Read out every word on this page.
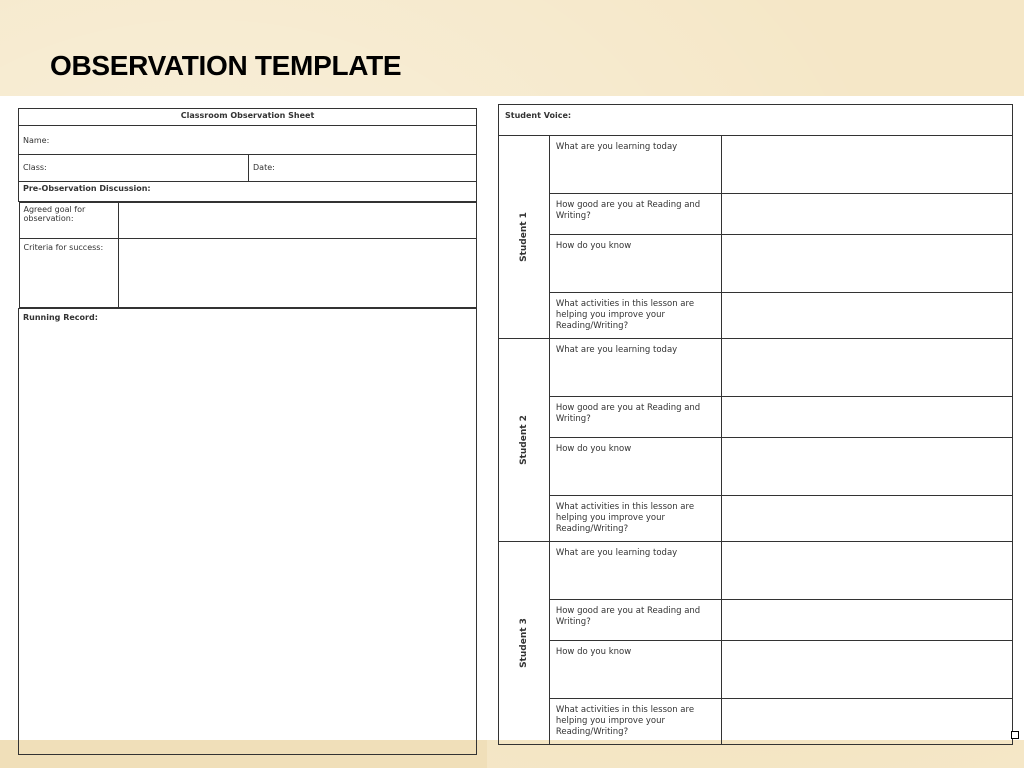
OBSERVATION TEMPLATE
Classroom Observation Sheet
Name:
Class:	Date:
Pre-Observation Discussion:

Agreed goal for observation:	
Criteria for success:	

Running Record:
Student Voice:		
Student 1	What are you learning today	
	How good are you at Reading and Writing?	
	How do you know	
	What activities in this lesson are helping you improve your Reading/Writing?	
Student 2	What are you learning today	
	How good are you at Reading and Writing?	
	How do you know	
	What activities in this lesson are helping you improve your Reading/Writing?	
Student 3	What are you learning today	
	How good are you at Reading and Writing?	
	How do you know	
	What activities in this lesson are helping you improve your Reading/Writing?	
